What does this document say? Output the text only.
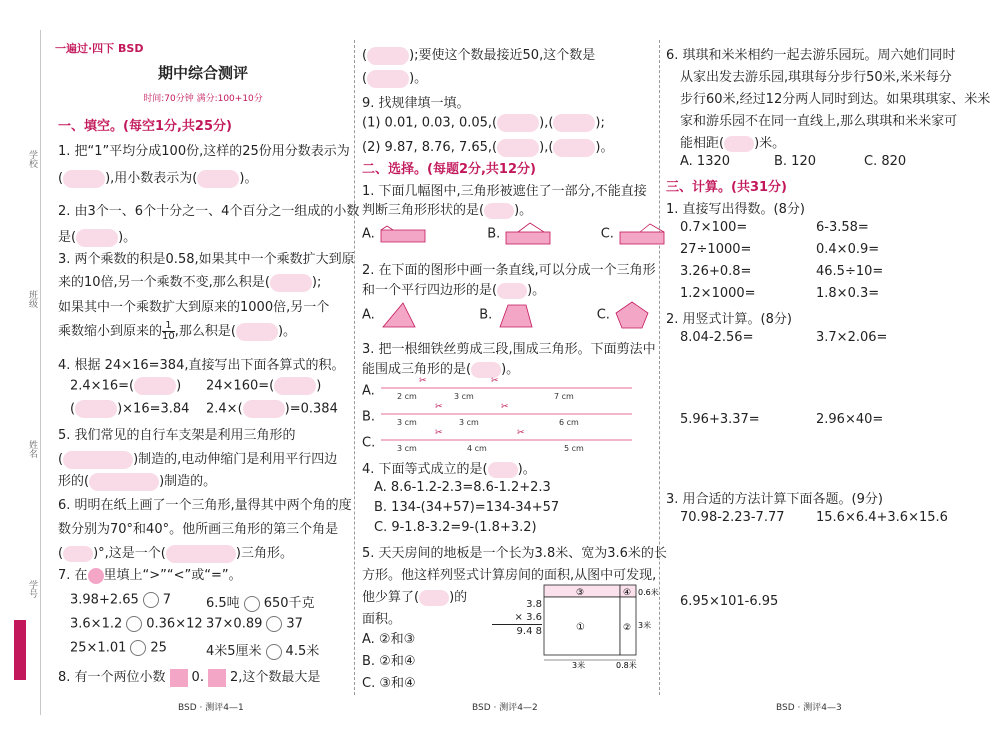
学校
班级
姓名
学号
一遍过·四下 BSD
期中综合测评
时间:70分钟 满分:100+10分
一、填空。(每空1分,共25分)
1. 把“1”平均分成100份,这样的25份用分数表示为
(	),用小数表示为(	)。
2. 由3个一、6个十分之一、4个百分之一组成的小数
是(	)。
3. 两个乘数的积是0.58,如果其中一个乘数扩大到原
来的10倍,另一个乘数不变,那么积是(	);
如果其中一个乘数扩大到原来的1000倍,另一个
乘数缩小到原来的 $\frac{1}{10}$ ,那么积是(	)。
4. 根据 24×16=384,直接写出下面各算式的积。
2.4×16=(	) 24×160=(	)
(	)×16=3.84 2.4×(	)=0.384
5. 我们常见的自行车支架是利用三角形的
(	)制造的,电动伸缩门是利用平行四边
形的(	)制造的。
6. 明明在纸上画了一个三角形,量得其中两个角的度
数分别为70°和40°。他所画三角形的第三个角是
( )°,这是一个(	)三角形。
7. 在 里填上“>”“<”或“=”。
3.98+2.65 7	6.5吨 650千克
3.6×1.2 0.36×12 37×0.89 37
25×1.01 25	4米5厘米 4.5米
8. 有一个两位小数 0. 2,这个数最大是
BSD · 测评4—1
(	);要使这个数最接近50,这个数是
(	)。
9. 找规律填一填。
(1) 0.01, 0.03, 0.05,(	),(	);
(2) 9.87, 8.76, 7.65,(	),(	)。
二、选择。(每题2分,共12分)
1. 下面几幅图中,三角形被遮住了一部分,不能直接
判断三角形形状的是( )。
A.	B.	C.
2. 在下面的图形中画一条直线,可以分成一个三角形
和一个平行四边形的是( )。
A.	B.	C.
3. 把一根细铁丝剪成三段,围成三角形。下面剪法中
能围成三角形的是( )。
A.
✂	✂
2 cm	3 cm	7 cm
B.
✂	✂
3 cm	3 cm	6 cm
C.
✂	✂
3 cm	4 cm	5 cm
4. 下面等式成立的是( )。
A. 8.6-1.2-2.3=8.6-1.2+2.3
B. 134-(34+57)=134-34+57
C. 9-1.8-3.2=9-(1.8+3.2)
5. 天天房间的地板是一个长为3.8米、宽为3.6米的长
方形。他这样列竖式计算房间的面积,从图中可发现,
他少算了( )的
面积。
3.8
× 3.6
9.4 8
A. ②和③
B. ②和④
C. ③和④
③	④
①	②
0.6米
3米
3米	0.8米
BSD · 测评4—2
6. 琪琪和米米相约一起去游乐园玩。周六她们同时
从家出发去游乐园,琪琪每分步行50米,米米每分
步行60米,经过12分两人同时到达。如果琪琪家、米米
家和游乐园不在同一直线上,那么琪琪和米米家可
能相距( )米。
A. 1320	B. 120	C. 820
三、计算。(共31分)
1. 直接写出得数。(8分)
0.7×100=	6-3.58=
27÷1000=	0.4×0.9=
3.26+0.8=	46.5÷10=
1.2×1000=	1.8×0.3=
2. 用竖式计算。(8分)
8.04-2.56=	3.7×2.06=
5.96+3.37=	2.96×40=
3. 用合适的方法计算下面各题。(9分)
70.98-2.23-7.77 15.6×6.4+3.6×15.6
6.95×101-6.95
BSD · 测评4—3
